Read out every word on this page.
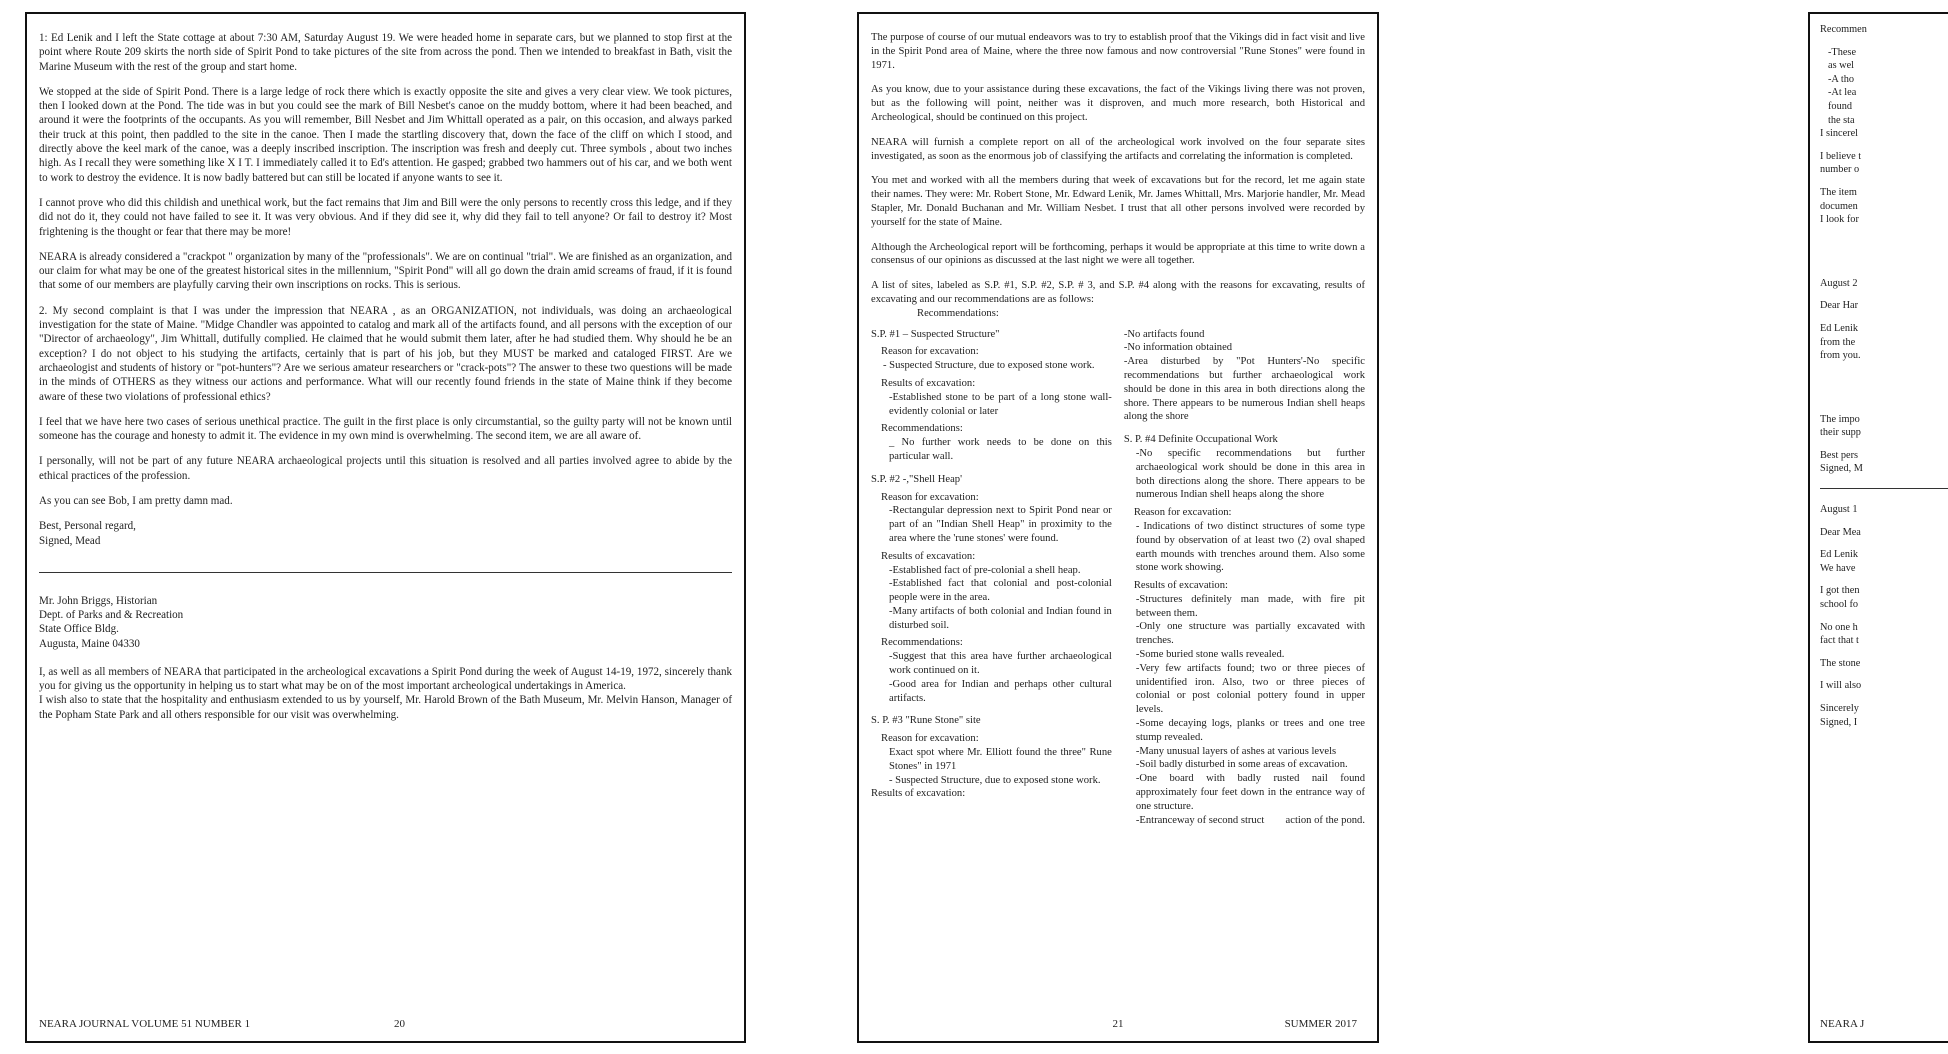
1: Ed Lenik and I left the State cottage at about 7:30 AM, Saturday August 19. We were headed home in separate cars, but we planned to stop first at the point where Route 209 skirts the north side of Spirit Pond to take pictures of the site from across the pond. Then we intended to breakfast in Bath, visit the Marine Museum with the rest of the group and start home.

We stopped at the side of Spirit Pond. There is a large ledge of rock there which is exactly opposite the site and gives a very clear view. We took pictures, then I looked down at the Pond. The tide was in but you could see the mark of Bill Nesbet's canoe on the muddy bottom, where it had been beached, and around it were the footprints of the occupants. As you will remember, Bill Nesbet and Jim Whittall operated as a pair, on this occasion, and always parked their truck at this point, then paddled to the site in the canoe. Then I made the startling discovery that, down the face of the cliff on which I stood, and directly above the keel mark of the canoe, was a deeply inscribed inscription. The inscription was fresh and deeply cut. Three symbols , about two inches high. As I recall they were something like X I T. I immediately called it to Ed's attention. He gasped; grabbed two hammers out of his car, and we both went to work to destroy the evidence. It is now badly battered but can still be located if anyone wants to see it.

I cannot prove who did this childish and unethical work, but the fact remains that Jim and Bill were the only persons to recently cross this ledge, and if they did not do it, they could not have failed to see it. It was very obvious. And if they did see it, why did they fail to tell anyone? Or fail to destroy it? Most frightening is the thought or fear that there may be more!

NEARA is already considered a "crackpot " organization by many of the "professionals". We are on continual "trial". We are finished as an organization, and our claim for what may be one of the greatest historical sites in the millennium, "Spirit Pond" will all go down the drain amid screams of fraud, if it is found that some of our members are playfully carving their own inscriptions on rocks. This is serious.

2. My second complaint is that I was under the impression that NEARA , as an ORGANIZATION, not individuals, was doing an archaeological investigation for the state of Maine. "Midge Chandler was appointed to catalog and mark all of the artifacts found, and all persons with the exception of our "Director of archaeology", Jim Whittall, dutifully complied. He claimed that he would submit them later, after he had studied them. Why should he be an exception? I do not object to his studying the artifacts, certainly that is part of his job, but they MUST be marked and cataloged FIRST. Are we archaeologist and students of history or "pot-hunters"? Are we serious amateur researchers or "crack-pots"? The answer to these two questions will be made in the minds of OTHERS as they witness our actions and performance. What will our recently found friends in the state of Maine think if they become aware of these two violations of professional ethics?

I feel that we have here two cases of serious unethical practice. The guilt in the first place is only circumstantial, so the guilty party will not be known until someone has the courage and honesty to admit it. The evidence in my own mind is overwhelming. The second item, we are all aware of.

I personally, will not be part of any future NEARA archaeological projects until this situation is resolved and all parties involved agree to abide by the ethical practices of the profession.

As you can see Bob, I am pretty damn mad.

Best, Personal regard,
Signed, Mead
Mr. John Briggs, Historian
Dept. of Parks and & Recreation
State Office Bldg.
Augusta, Maine 04330
I, as well as all members of NEARA that participated in the archeological excavations a Spirit Pond during the week of August 14-19, 1972, sincerely thank you for giving us the opportunity in helping us to start what may be on of the most important archeological undertakings in America.
I wish also to state that the hospitality and enthusiasm extended to us by yourself, Mr. Harold Brown of the Bath Museum, Mr. Melvin Hanson, Manager of the Popham State Park and all others responsible for our visit was overwhelming.
NEARA JOURNAL VOLUME 51 NUMBER 1	20

The purpose of course of our mutual endeavors was to try to establish proof that the Vikings did in fact visit and live in the Spirit Pond area of Maine, where the three now famous and now controversial "Rune Stones" were found in 1971.

As you know, due to your assistance during these excavations, the fact of the Vikings living there was not proven, but as the following will point, neither was it disproven, and much more research, both Historical and Archeological, should be continued on this project.

NEARA will furnish a complete report on all of the archeological work involved on the four separate sites investigated, as soon as the enormous job of classifying the artifacts and correlating the information is completed.

You met and worked with all the members during that week of excavations but for the record, let me again state their names. They were: Mr. Robert Stone, Mr. Edward Lenik, Mr. James Whittall, Mrs. Marjorie handler, Mr. Mead Stapler, Mr. Donald Buchanan and Mr. William Nesbet. I trust that all other persons involved were recorded by yourself for the state of Maine.

Although the Archeological report will be forthcoming, perhaps it would be appropriate at this time to write down a consensus of our opinions as discussed at the last night we were all together.

A list of sites, labeled as S.P. #1, S.P. #2, S.P. # 3, and S.P. #4 along with the reasons for excavating, results of excavating and our recommendations are as follows:

Recommendations:
S.P. #1 – Suspected Structure"
Reason for excavation:
- Suspected Structure, due to exposed stone work.
Results of excavation:
-Established stone to be part of a long stone wall- evidently colonial or later
Recommendations:
_ No further work needs to be done on this particular wall.
S.P. #2 -,"Shell Heap'
Reason for excavation:
-Rectangular depression next to Spirit Pond near or part of an "Indian Shell Heap" in proximity to the area where the 'rune stones' were found.
Results of excavation:
-Established fact of pre-colonial a shell heap.
-Established fact that colonial and post-colonial people were in the area.
-Many artifacts of both colonial and Indian found in disturbed soil.
Recommendations:
-Suggest that this area have further archaeological work continued on it.
-Good area for Indian and perhaps other cultural artifacts.
S. P. #3 "Rune Stone" site
Reason for excavation:
Exact spot where Mr. Elliott found the three" Rune Stones" in 1971
- Suspected Structure, due to exposed stone work.
Results of excavation:
-No artifacts found
-No information obtained
-Area disturbed by "Pot Hunters'-No specific recommendations but further archaeological work should be done in this area in both directions along the shore. There appears to be numerous Indian shell heaps along the shore
S. P. #4 Definite Occupational Work
-No specific recommendations but further archaeological work should be done in this area in both directions along the shore. There appears to be numerous Indian shell heaps along the shore
Reason for excavation:
- Indications of two distinct structures of some type found by observation of at least two (2) oval shaped earth mounds with trenches around them. Also some stone work showing.
Results of excavation:
-Structures definitely man made, with fire pit between them.
-Only one structure was partially excavated with trenches.
-Some buried stone walls revealed.
-Very few artifacts found; two or three pieces of unidentified iron. Also, two or three pieces of colonial or post colonial pottery found in upper levels.
-Some decaying logs, planks or trees and one tree stump revealed.
-Many unusual layers of ashes at various levels
-Soil badly disturbed in some areas of excavation.
-One board with badly rusted nail found approximately four feet down in the entrance way of one structure.
-Entranceway of second struct        action of the pond.
21	SUMMER 2017
Recommen
-These
as wel
-A tho
-At lea
found
the sta
I sincerel
I believe t
number o
The item
documen
I look for
August 2
Dear Har
Ed Lenik
from the
from you.
The impo
their supp
Best pers
Signed, M
August 1
Dear Mea
Ed Lenik
We have
I got then
school fo
No one h
fact that t
The stone
I will also
Sincerely
Signed, I
NEARA J
